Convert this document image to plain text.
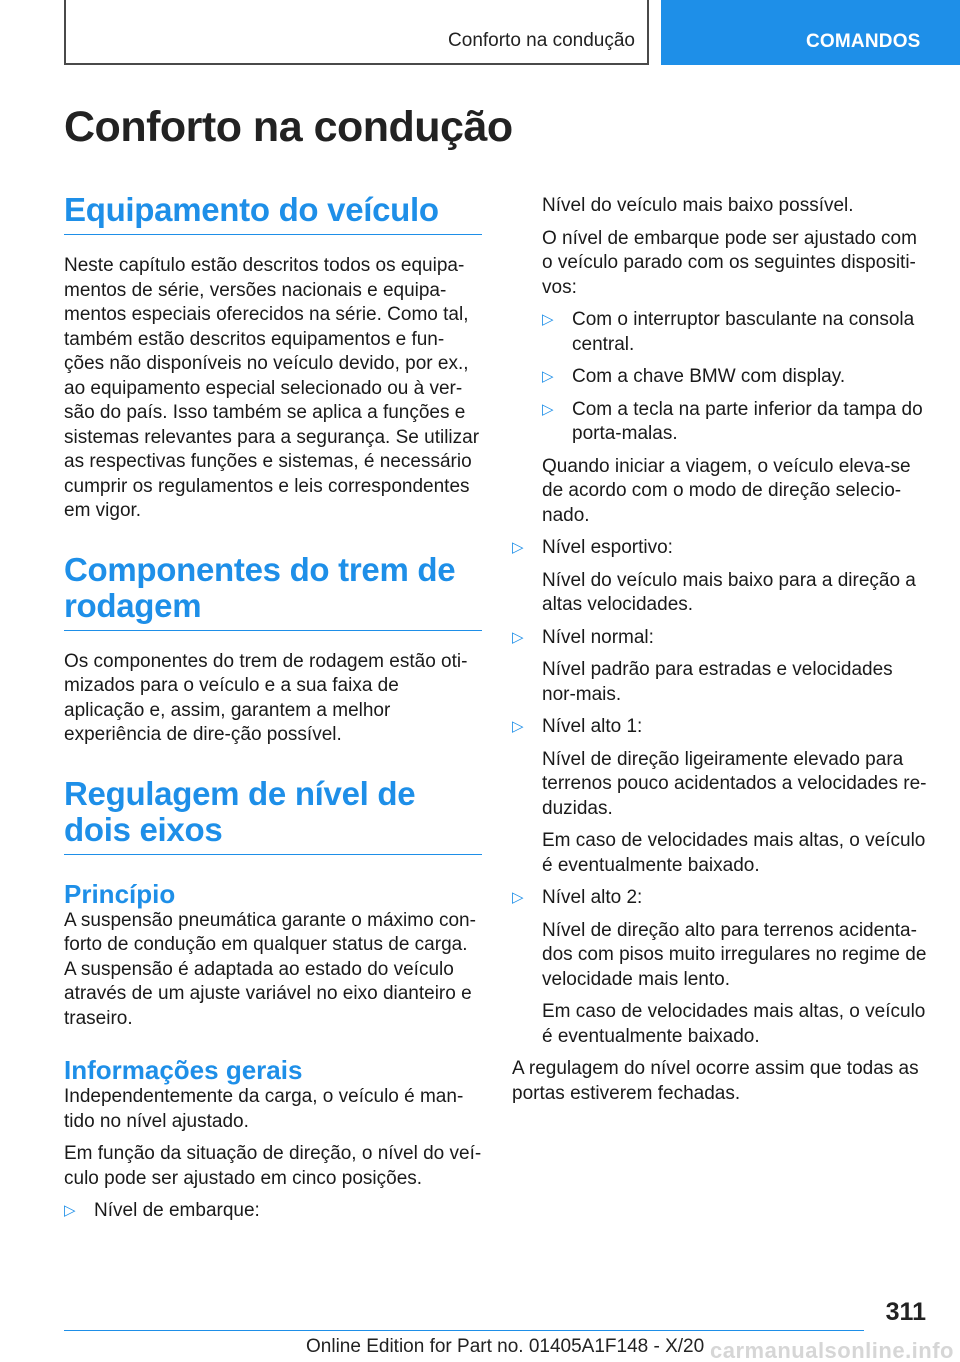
Conforto na condução	COMANDOS
Conforto na condução
Equipamento do veículo

Neste capítulo estão descritos todos os equipa-mentos de série, versões nacionais e equipa-mentos especiais oferecidos na série. Como tal, também estão descritos equipamentos e fun-ções não disponíveis no veículo devido, por ex., ao equipamento especial selecionado ou à ver-são do país. Isso também se aplica a funções e sistemas relevantes para a segurança. Se utilizar as respectivas funções e sistemas, é necessário cumprir os regulamentos e leis correspondentes em vigor.

Componentes do trem de rodagem

Os componentes do trem de rodagem estão oti-mizados para o veículo e a sua faixa de aplicação e, assim, garantem a melhor experiência de dire-ção possível.

Regulagem de nível de dois eixos
Princípio

A suspensão pneumática garante o máximo con-forto de condução em qualquer status de carga. A suspensão é adaptada ao estado do veículo através de um ajuste variável no eixo dianteiro e traseiro.

Informações gerais

Independentemente da carga, o veículo é man-tido no nível ajustado.

Em função da situação de direção, o nível do veí-culo pode ser ajustado em cinco posições.

▷ Nível de embarque:

Nível do veículo mais baixo possível.

O nível de embarque pode ser ajustado com o veículo parado com os seguintes dispositi-vos:

▷ Com o interruptor basculante na consola central.
▷ Com a chave BMW com display.
▷ Com a tecla na parte inferior da tampa do porta-malas.

Quando iniciar a viagem, o veículo eleva-se de acordo com o modo de direção selecio-nado.

▷ Nível esportivo:

Nível do veículo mais baixo para a direção a altas velocidades.

▷ Nível normal:

Nível padrão para estradas e velocidades nor-mais.

▷ Nível alto 1:

Nível de direção ligeiramente elevado para terrenos pouco acidentados a velocidades re-duzidas.

Em caso de velocidades mais altas, o veículo é eventualmente baixado.

▷ Nível alto 2:

Nível de direção alto para terrenos acidenta-dos com pisos muito irregulares no regime de velocidade mais lento.

Em caso de velocidades mais altas, o veículo é eventualmente baixado.

A regulagem do nível ocorre assim que todas as portas estiverem fechadas.

311
Online Edition for Part no. 01405A1F148 - X/20 carmanualsonline.info
